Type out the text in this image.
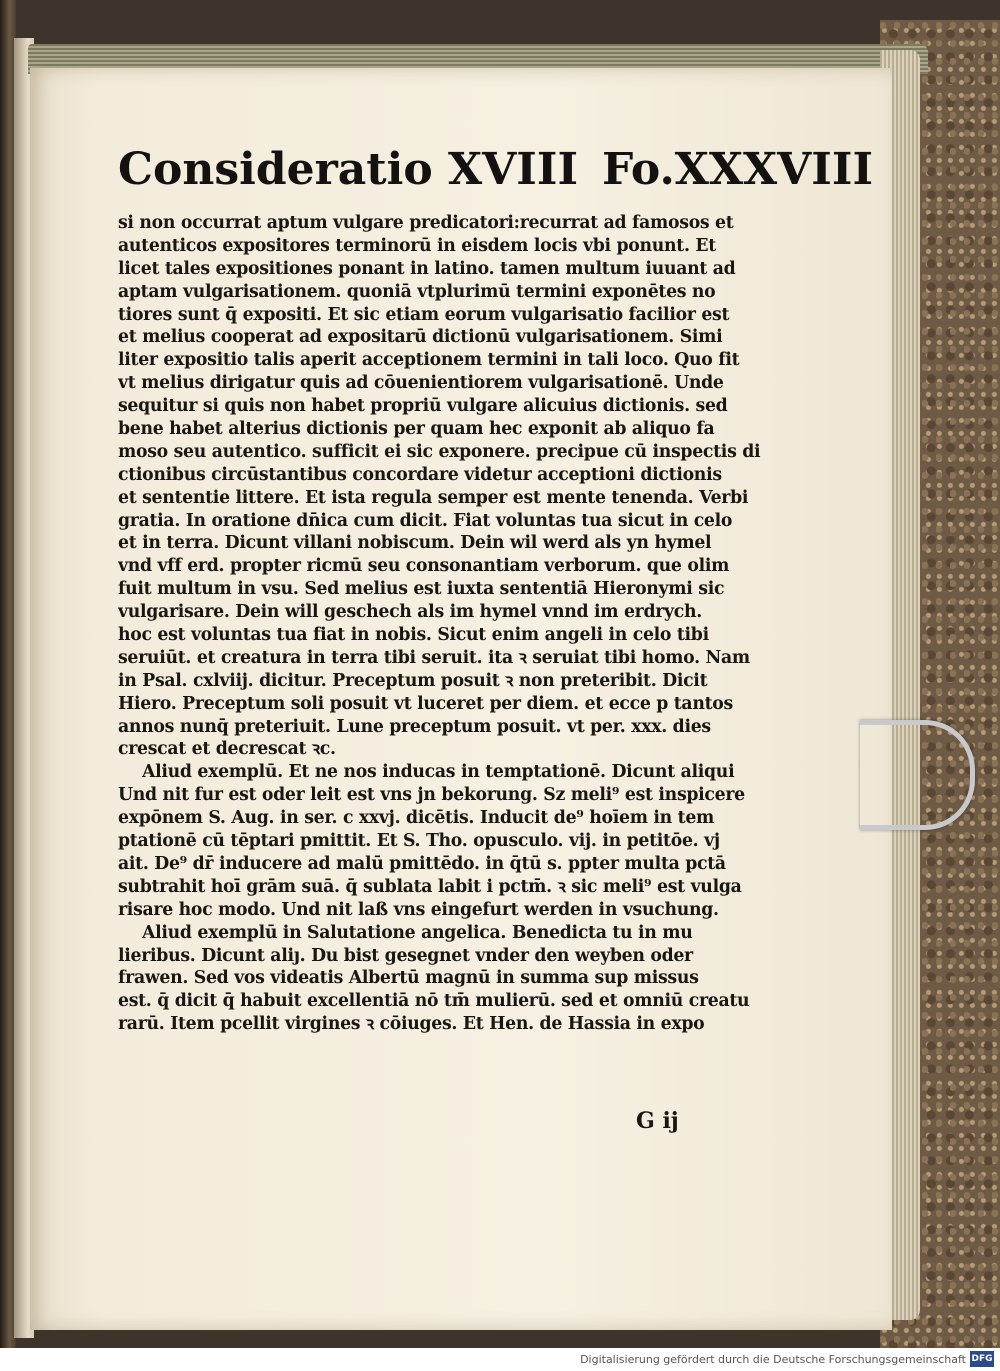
Consideratio XVIII Fo.XXXVIII
si non occurrat aptum vulgare predicatori:recurrat ad famosos et
autenticos expositores terminorū in eisdem locis vbi ponunt. Et
licet tales expositiones ponant in latino. tamen multum iuuant ad
aptam vulgarisationem. quoniā vtplurimū termini exponētes no
tiores sunt q̄ expositi. Et sic etiam eorum vulgarisatio facilior est
et melius cooperat ad expositarū dictionū vulgarisationem. Simi
liter expositio talis aperit acceptionem termini in tali loco. Quo fit
vt melius dirigatur quis ad cōuenientiorem vulgarisationē. Unde
sequitur si quis non habet propriū vulgare alicuius dictionis. sed
bene habet alterius dictionis per quam hec exponit ab aliquo fa
moso seu autentico. sufficit ei sic exponere. precipue cū inspectis di
ctionibus circūstantibus concordare videtur acceptioni dictionis
et sententie littere. Et ista regula semper est mente tenenda. Verbi
gratia. In oratione dn̄ica cum dicit. Fiat voluntas tua sicut in celo
et in terra. Dicunt villani nobiscum. Dein wil werd als yn hymel
vnd vff erd. propter ricmū seu consonantiam verborum. que olim
fuit multum in vsu. Sed melius est iuxta sententiā Hieronymi sic
vulgarisare. Dein will geschech als im hymel vnnd im erdrych.
hoc est voluntas tua fiat in nobis. Sicut enim angeli in celo tibi
seruiūt. et creatura in terra tibi seruit. ita ꝛ seruiat tibi homo. Nam
in Psal. cxlviij. dicitur. Preceptum posuit ꝛ non preteribit. Dicit
Hiero. Preceptum soli posuit vt luceret per diem. et ecce p tantos
annos nunq̄ preteriuit. Lune preceptum posuit. vt per. xxx. dies
crescat et decrescat ꝛc.
Aliud exemplū. Et ne nos inducas in temptationē. Dicunt aliqui
Und nit fur est oder leit est vns jn bekorung. Sz meli⁹ est inspicere
expōnem S. Aug. in ser. c xxvj. dicētis. Inducit de⁹ hoīem in tem
ptationē cū tēptari pmittit. Et S. Tho. opusculo. vij. in petitōe. vj
ait. De⁹ dr̄ inducere ad malū pmittēdo. in q̄tū s. ppter multa pctā
subtrahit hoī grām suā. q̄ sublata labit i pctm̄. ꝛ sic meli⁹ est vulga
risare hoc modo. Und nit laß vns eingefurt werden in vsuchung.
Aliud exemplū in Salutatione angelica. Benedicta tu in mu
lieribus. Dicunt aliȷ. Du bist gesegnet vnder den weyben oder
frawen. Sed vos videatis Albertū magnū in summa sup missus
est. q̄ dicit q̄ habuit excellentiā nō tm̄ mulierū. sed et omniū creatu
rarū. Item pcellit virgines ꝛ cōiuges. Et Hen. de Hassia in expo
G ij
Digitalisierung gefördert durch die Deutsche Forschungsgemeinschaft DFG
